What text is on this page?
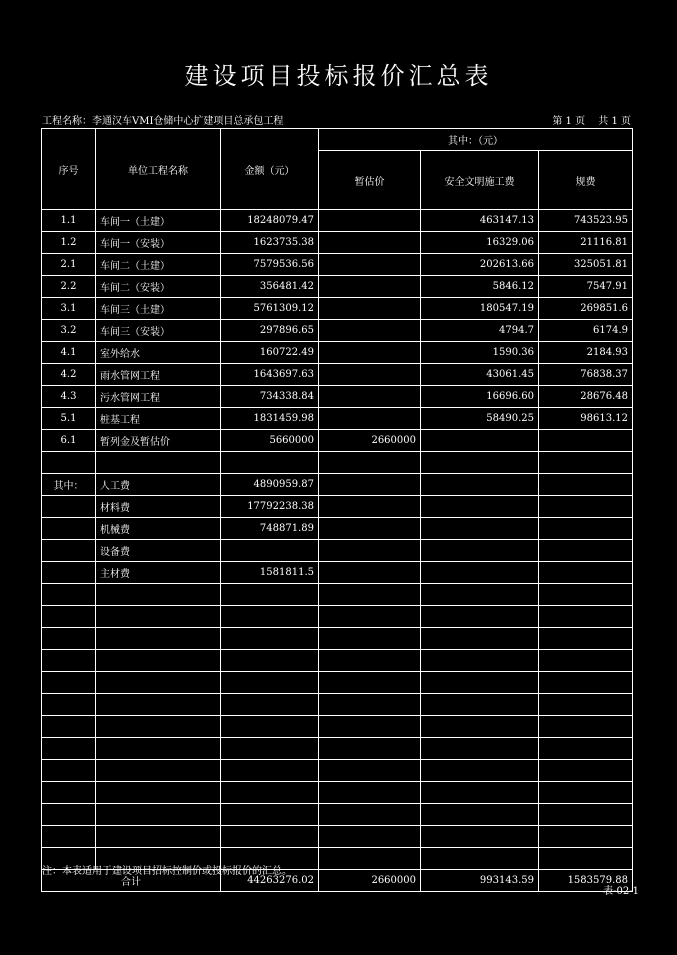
建设项目投标报价汇总表
工程名称：李通汉车VMI仓储中心扩建项目总承包工程	第 1 页 共 1 页
序号	单位工程名称	金额（元）	其中：（元）		
			暂估价	安全文明施工费	规费
1.1	车间一（土建）	18248079.47		463147.13	743523.95
1.2	车间一（安装）	1623735.38		16329.06	21116.81
2.1	车间二（土建）	7579536.56		202613.66	325051.81
2.2	车间二（安装）	356481.42		5846.12	7547.91
3.1	车间三（土建）	5761309.12		180547.19	269851.6
3.2	车间三（安装）	297896.65		4794.7	6174.9
4.1	室外给水	160722.49		1590.36	2184.93
4.2	雨水管网工程	1643697.63		43061.45	76838.37
4.3	污水管网工程	734338.84		16696.60	28676.48
5.1	桩基工程	1831459.98		58490.25	98613.12
6.1	暂列金及暂估价	5660000	2660000		

其中：	人工费	4890959.87			
	材料费	17792238.38			
	机械费	748871.89			
	设备费				
	主材费	1581811.5			

合计		44263276.02	2660000	993143.59	1583579.88
注：本表适用于建设项目招标控制价或投标报价的汇总。
表-02-1
